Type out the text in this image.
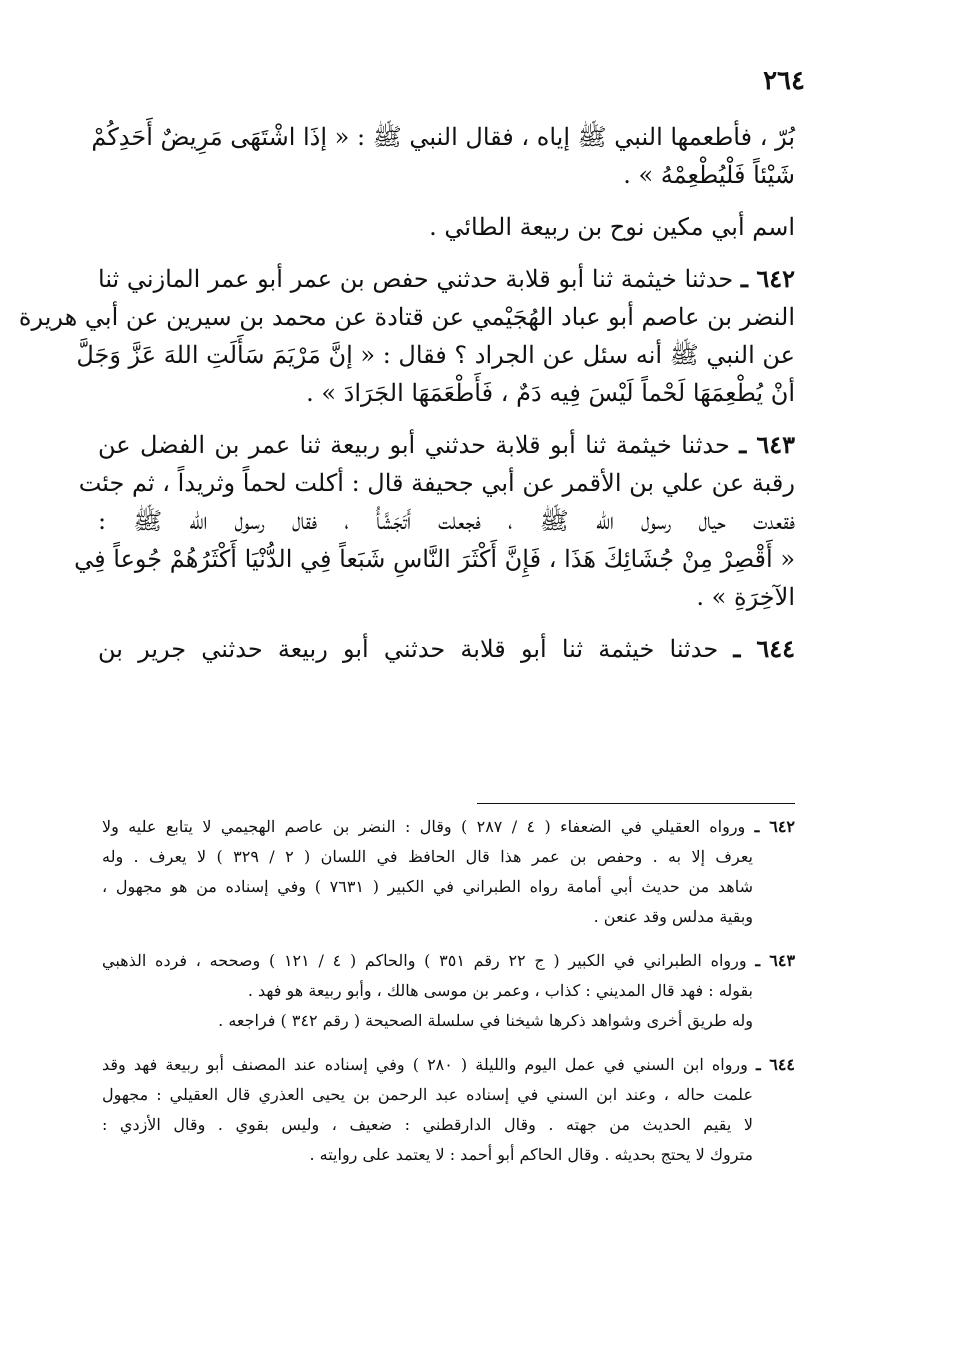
٢٦٤
بُرّ ، فأطعمها النبي ﷺ إياه ، فقال النبي ﷺ : « إذَا اشْتَهَى مَرِيضٌ أَحَدِكُمْ
شَيْئاً فَلْيُطْعِمْهُ » .
اسم أبي مكين نوح بن ربيعة الطائي .
٦٤٢ ـ حدثنا خيثمة ثنا أبو قلابة حدثني حفص بن عمر أبو عمر المازني ثنا
النضر بن عاصم أبو عباد الهُجَيْمي عن قتادة عن محمد بن سيرين عن أبي هريرة
عن النبي ﷺ أنه سئل عن الجراد ؟ فقال : « إنَّ مَرْيَمَ سَأَلَتِ اللهَ عَزَّ وَجَلَّ
أنْ يُطْعِمَهَا لَحْماً لَيْسَ فِيه دَمٌ ، فَأَطْعَمَهَا الجَرَادَ » .
٦٤٣ ـ حدثنا خيثمة ثنا أبو قلابة حدثني أبو ربيعة ثنا عمر بن الفضل عن
رقبة عن علي بن الأقمر عن أبي جحيفة قال : أكلت لحماً وثريداً ، ثم جئت
فقعدت حيال رسول الله ﷺ ، فجعلت أَتَجَشَّأُ ، فقال رسول الله ﷺ :
« أَقْصِرْ مِنْ جُشَائِكَ هَذَا ، فَإِنَّ أَكْثَرَ النَّاسِ شَبَعاً فِي الدُّنْيَا أَكْثَرُهُمْ جُوعاً فِي
الآخِرَةِ » .
٦٤٤ ـ حدثنا خيثمة ثنا أبو قلابة حدثني أبو ربيعة حدثني جرير بن
٦٤٢ ـ ورواه العقيلي في الضعفاء ( ٤ / ٢٨٧ ) وقال : النضر بن عاصم الهجيمي لا يتابع عليه ولا
يعرف إلا به . وحفص بن عمر هذا قال الحافظ في اللسان ( ٢ / ٣٢٩ ) لا يعرف . وله
شاهد من حديث أبي أمامة رواه الطبراني في الكبير ( ٧٦٣١ ) وفي إسناده من هو مجهول ،
وبقية مدلس وقد عنعن .
٦٤٣ ـ ورواه الطبراني في الكبير ( ج ٢٢ رقم ٣٥١ ) والحاكم ( ٤ / ١٢١ ) وصححه ، فرده الذهبي
بقوله : فهد قال المديني : كذاب ، وعمر بن موسى هالك ، وأبو ربيعة هو فهد .
وله طريق أخرى وشواهد ذكرها شيخنا في سلسلة الصحيحة ( رقم ٣٤٢ ) فراجعه .
٦٤٤ ـ ورواه ابن السني في عمل اليوم والليلة ( ٢٨٠ ) وفي إسناده عند المصنف أبو ربيعة فهد وقد
علمت حاله ، وعند ابن السني في إسناده عبد الرحمن بن يحيى العذري قال العقيلي : مجهول
لا يقيم الحديث من جهته . وقال الدارقطني : ضعيف ، وليس بقوي . وقال الأزدي :
متروك لا يحتج بحديثه . وقال الحاكم أبو أحمد : لا يعتمد على روايته .
